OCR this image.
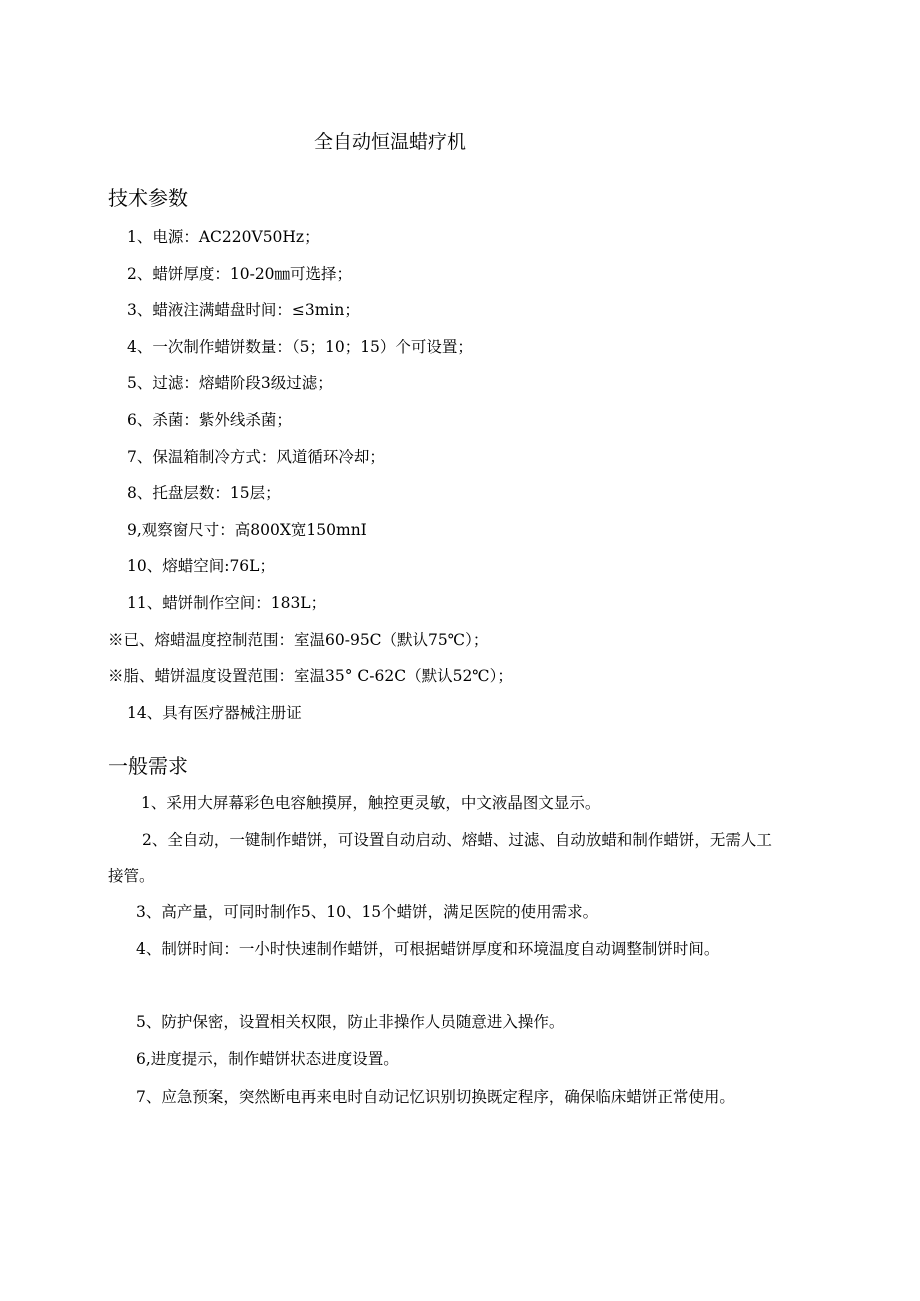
全自动恒温蜡疗机
技术参数
1、电源：AC220V50Hz；
2、蜡饼厚度：10-20㎜可选择；
3、蜡液注满蜡盘时间：≤3min；
4、一次制作蜡饼数量：（5；10；15）个可设置；
5、过滤：熔蜡阶段3级过滤；
6、杀菌：紫外线杀菌；
7、保温箱制冷方式：风道循环冷却；
8、托盘层数：15层；
9,观察窗尺寸：高800X宽150mnI
10、熔蜡空间:76L；
11、蜡饼制作空间：183L；
※已、熔蜡温度控制范围：室温60-95C（默认75℃）；
※脂、蜡饼温度设置范围：室温35° C-62C（默认52℃）；
14、具有医疗器械注册证
一般需求

1、采用大屏幕彩色电容触摸屏，触控更灵敏，中文液晶图文显示。

2、全自动，一键制作蜡饼，可设置自动启动、熔蜡、过滤、自动放蜡和制作蜡饼，无需人工接管。

3、高产量，可同时制作5、10、15个蜡饼，满足医院的使用需求。

4、制饼时间：一小时快速制作蜡饼，可根据蜡饼厚度和环境温度自动调整制饼时间。

5、防护保密，设置相关权限，防止非操作人员随意进入操作。

6,进度提示，制作蜡饼状态进度设置。

7、应急预案，突然断电再来电时自动记忆识别切换既定程序，确保临床蜡饼正常使用。
